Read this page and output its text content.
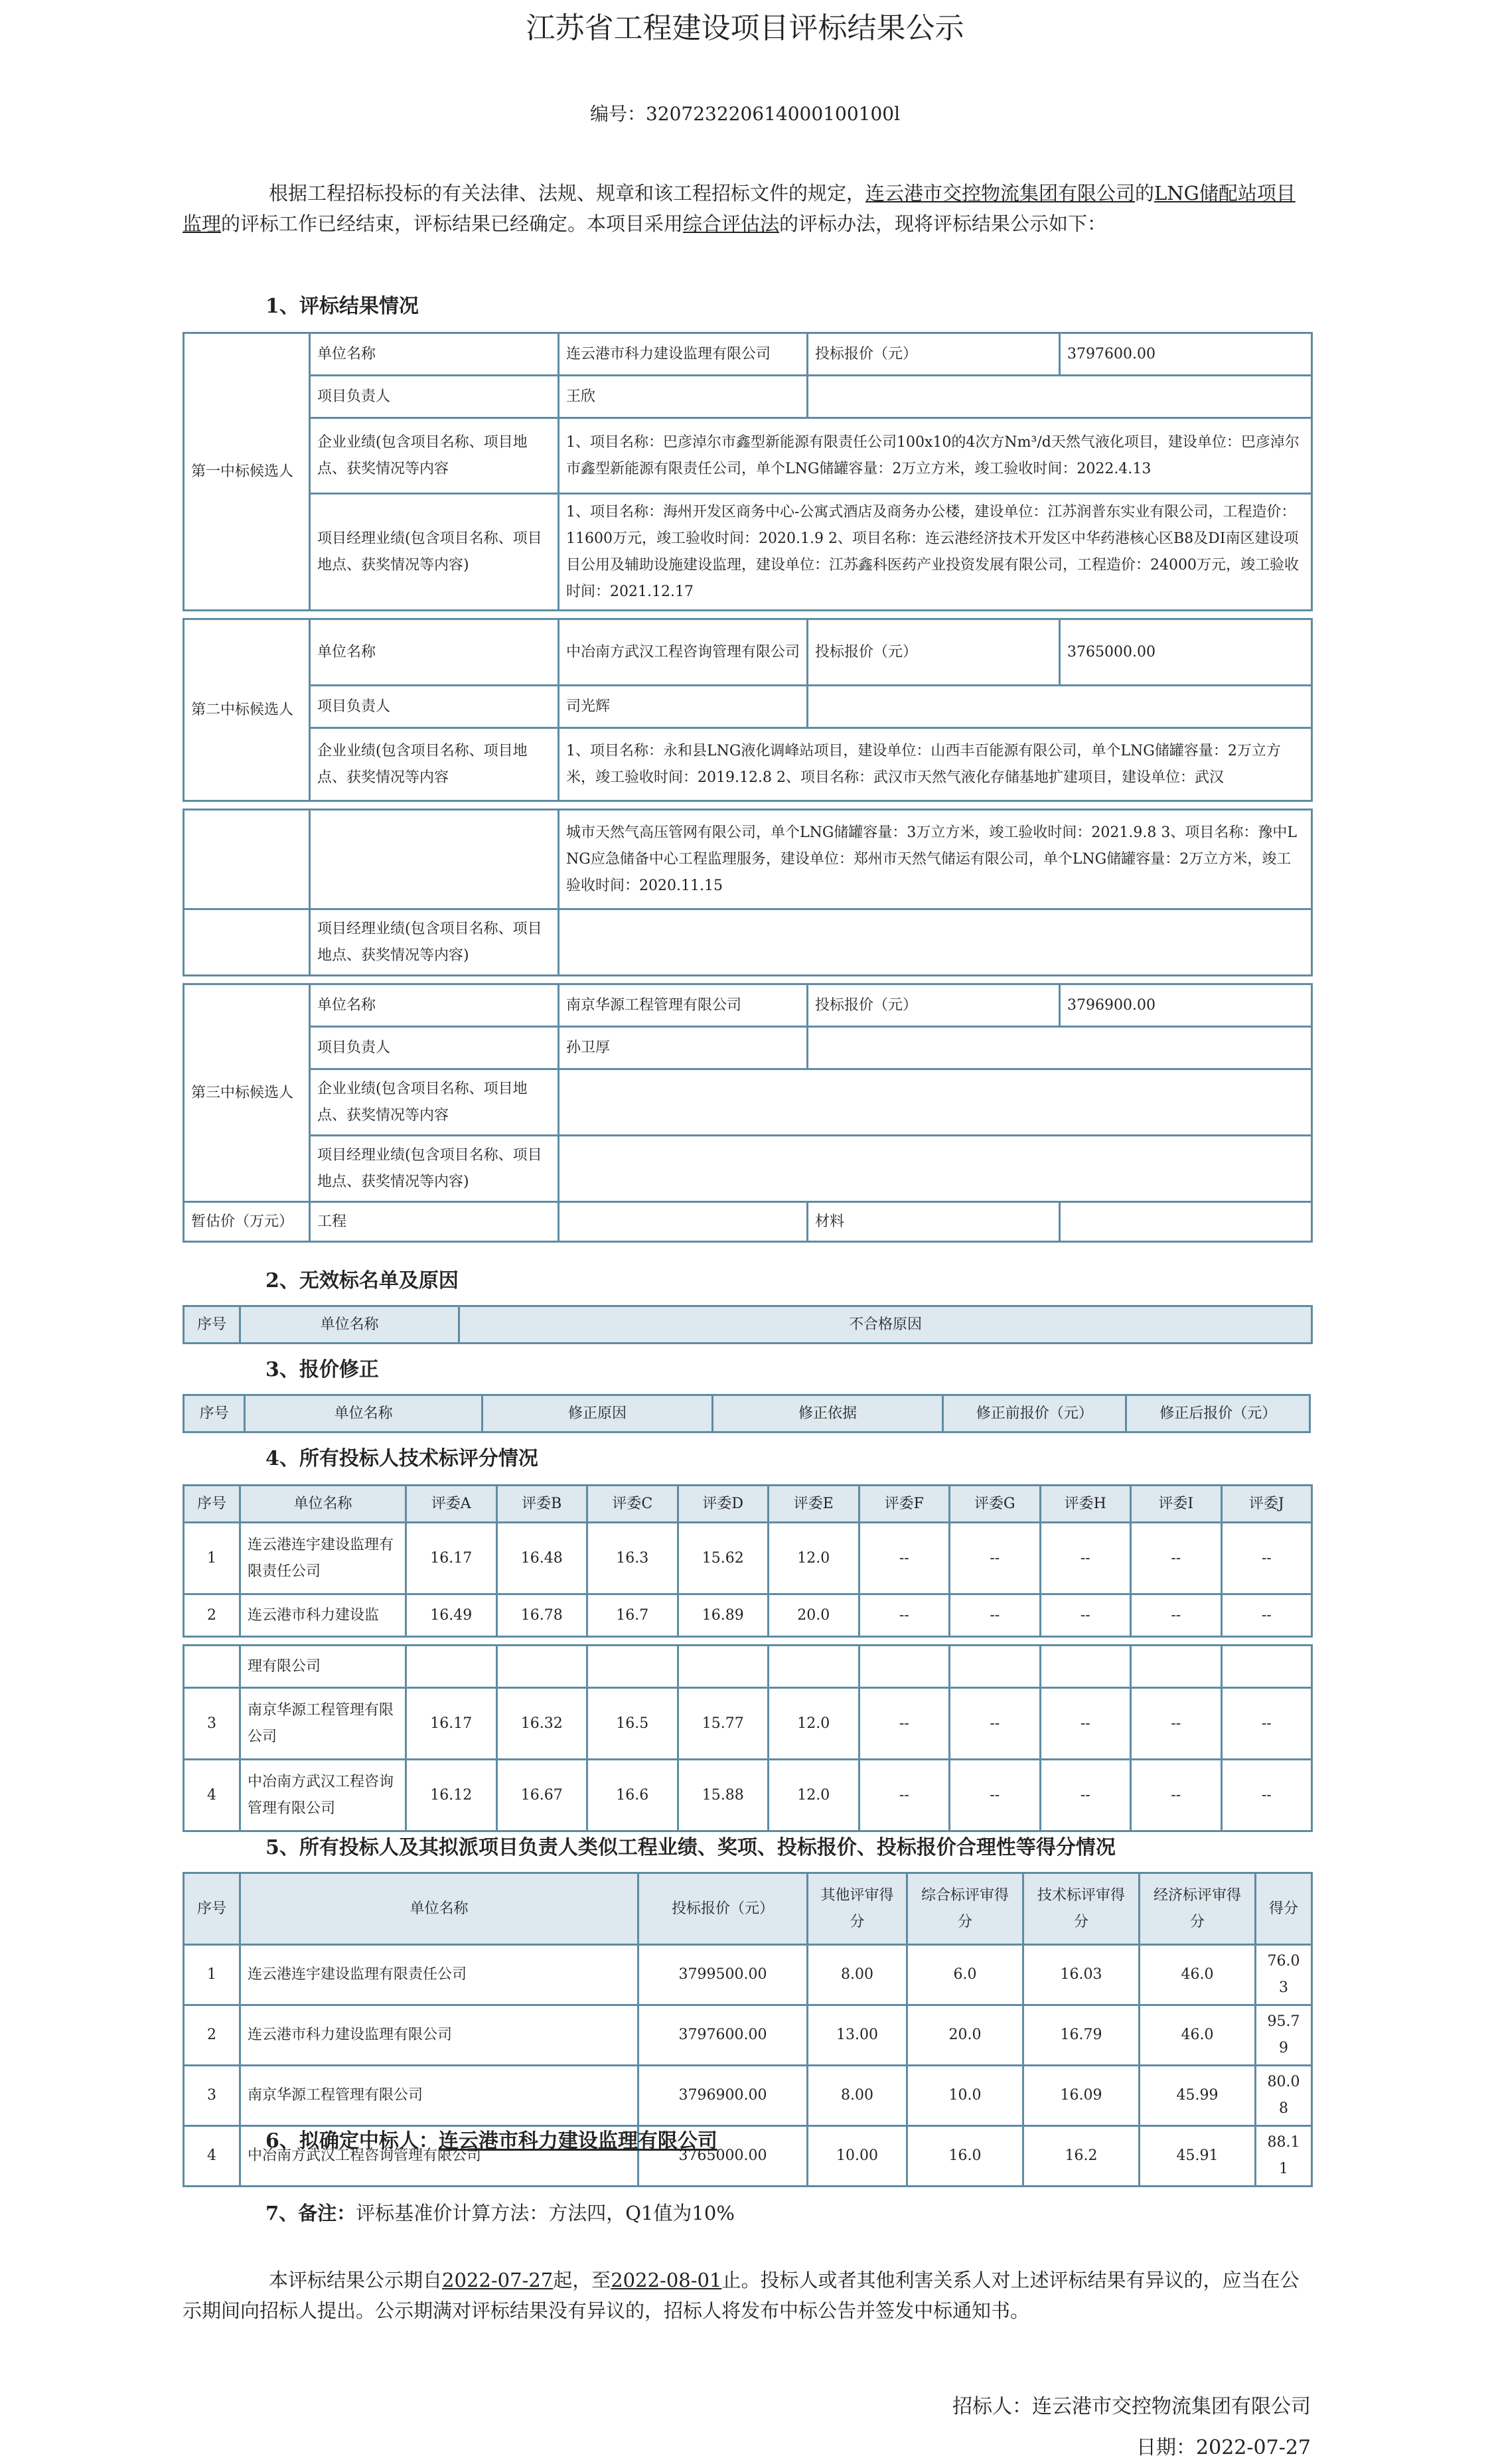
江苏省工程建设项目评标结果公示
编号：320723220614000100100l
根据工程招标投标的有关法律、法规、规章和该工程招标文件的规定，连云港市交控物流集团有限公司的LNG储配站项目监理的评标工作已经结束，评标结果已经确定。本项目采用综合评估法的评标办法，现将评标结果公示如下：
1、评标结果情况
第一中标候选人	单位名称	连云港市科力建设监理有限公司	投标报价（元）	3797600.00
	项目负责人	王欣		
	企业业绩(包含项目名称、项目地点、获奖情况等内容	1、项目名称：巴彦淖尔市鑫型新能源有限责任公司100x10的4次方Nm³/d天然气液化项目，建设单位：巴彦淖尔市鑫型新能源有限责任公司，单个LNG储罐容量：2万立方米，竣工验收时间：2022.4.13		
	项目经理业绩(包含项目名称、项目地点、获奖情况等内容)	1、项目名称：海州开发区商务中心-公寓式酒店及商务办公楼，建设单位：江苏润普东实业有限公司，工程造价：11600万元，竣工验收时间：2020.1.9 2、项目名称：连云港经济技术开发区中华药港核心区B8及DI南区建设项目公用及辅助设施建设监理，建设单位：江苏鑫科医药产业投资发展有限公司，工程造价：24000万元，竣工验收时间：2021.12.17		

第二中标候选人	单位名称	中冶南方武汉工程咨询管理有限公司	投标报价（元）	3765000.00
	项目负责人	司光辉		
	企业业绩(包含项目名称、项目地点、获奖情况等内容	1、项目名称：永和县LNG液化调峰站项目，建设单位：山西丰百能源有限公司，单个LNG储罐容量：2万立方米，竣工验收时间：2019.12.8 2、项目名称：武汉市天然气液化存储基地扩建项目，建设单位：武汉		

		城市天然气高压管网有限公司，单个LNG储罐容量：3万立方米，竣工验收时间：2021.9.8 3、项目名称：豫中LNG应急储备中心工程监理服务，建设单位：郑州市天然气储运有限公司，单个LNG储罐容量：2万立方米，竣工验收时间：2020.11.15		
	项目经理业绩(包含项目名称、项目地点、获奖情况等内容)			

第三中标候选人	单位名称	南京华源工程管理有限公司	投标报价（元）	3796900.00
	项目负责人	孙卫厚		
	企业业绩(包含项目名称、项目地点、获奖情况等内容			
	项目经理业绩(包含项目名称、项目地点、获奖情况等内容)			
暂估价（万元）	工程		材料	
2、无效标名单及原因
序号	单位名称	不合格原因
3、报价修正
序号	单位名称	修正原因	修正依据	修正前报价（元）	修正后报价（元）
4、所有投标人技术标评分情况
序号	单位名称	评委A	评委B	评委C	评委D	评委E	评委F	评委G	评委H	评委I	评委J
1	连云港连宇建设监理有限责任公司	16.17	16.48	16.3	15.62	12.0	--	--	--	--	--
2	连云港市科力建设监	16.49	16.78	16.7	16.89	20.0	--	--	--	--	--

	理有限公司										
3	南京华源工程管理有限公司	16.17	16.32	16.5	15.77	12.0	--	--	--	--	--
4	中冶南方武汉工程咨询管理有限公司	16.12	16.67	16.6	15.88	12.0	--	--	--	--	--
5、所有投标人及其拟派项目负责人类似工程业绩、奖项、投标报价、投标报价合理性等得分情况
序号	单位名称	投标报价（元）	其他评审得分	综合标评审得分	技术标评审得分	经济标评审得分	得分
1	连云港连宇建设监理有限责任公司	3799500.00	8.00	6.0	16.03	46.0	76.03
2	连云港市科力建设监理有限公司	3797600.00	13.00	20.0	16.79	46.0	95.79
3	南京华源工程管理有限公司	3796900.00	8.00	10.0	16.09	45.99	80.08
4	中冶南方武汉工程咨询管理有限公司	3765000.00	10.00	16.0	16.2	45.91	88.11
6、拟确定中标人：连云港市科力建设监理有限公司
7、备注：评标基准价计算方法：方法四，Q1值为10%
本评标结果公示期自2022-07-27起，至2022-08-01止。投标人或者其他利害关系人对上述评标结果有异议的，应当在公示期间向招标人提出。公示期满对评标结果没有异议的，招标人将发布中标公告并签发中标通知书。
招标人：连云港市交控物流集团有限公司
日期：2022-07-27
